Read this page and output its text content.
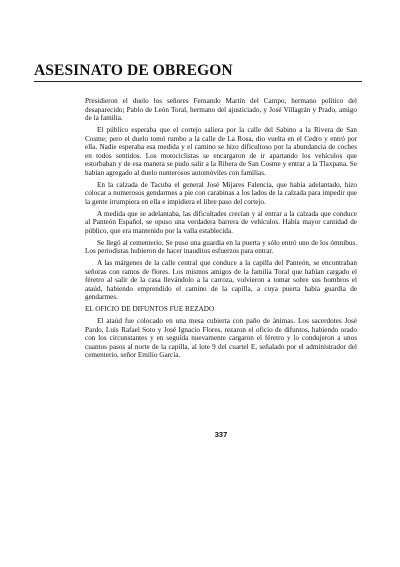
ASESINATO DE OBREGON

Presidieron el duelo los señores Fernando Martín del Campo, hermano político del desaparecido; Pablo de León Toral, hermano del ajusticiado, y José Villagrán y Prado, amigo de la familia.

El público esperaba que el cortejo saliera por la calle del Sabino a la Rivera de San Cosme; pero el duelo tomó rumbo a la calle de La Rosa, dio vuelta en el Cedro y entró por ella. Nadie esperaba esa medida y el camino se hizo dificultoso por la abundancia de coches en todos sentidos. Los motociclistas se encargaron de ir apartando los vehículos que estorbaban y de esa manera se pudo salir a la Ribera de San Cosme y entrar a la Tlaxpana. Se habían agregado al duelo numerosos automóviles con familias.

En la calzada de Tacuba el general José Mijares Falencia, que había adelantado, hizo colocar a numerosos gendarmes a pie con carabinas a los lados de la calzada para impedir que la gente irrumpiera en ella e impidiera el libre paso del cortejo.

A medida que se adelantaba, las dificultades crecían y al entrar a la calzada que conduce al Panteón Español, se opuso una verdadera barrera de vehículos. Había mayor cantidad de público, que era mantenido por la valla establecida.

Se llegó al cementerio. Se puso una guardia en la puerta y sólo entró uno de los ómnibus. Los periodistas hubieron de hacer inauditos esfuerzos para entrar.

A las márgenes de la calle central que conduce a la capilla del Panteón, se encontraban señoras con ramos de flores. Los mismos amigos de la familia Toral que habían cargado el féretro al salir de la casa llevándolo a la carroza, volvieron a tomar sobre sus hombros el ataúd, habiendo emprendido el camino de la capilla, a cuya puerta había guardia de gendarmes.

EL OFICIO DE DIFUNTOS FUE REZADO

El ataúd fue colocado en una mesa cubierta con paño de ánimas. Los sacerdotes José Pardo, Luis Rafael Soto y José Ignacio Flores, rezaron el oficio de difuntos, habiendo orado con los circunstantes y en seguida nuevamente cargaron el féretro y lo condujeron a unos cuantos pasos al norte de la capilla, al lote 9 del cuartel E, señalado por el administrador del cementerio, señor Emilio García.

337
